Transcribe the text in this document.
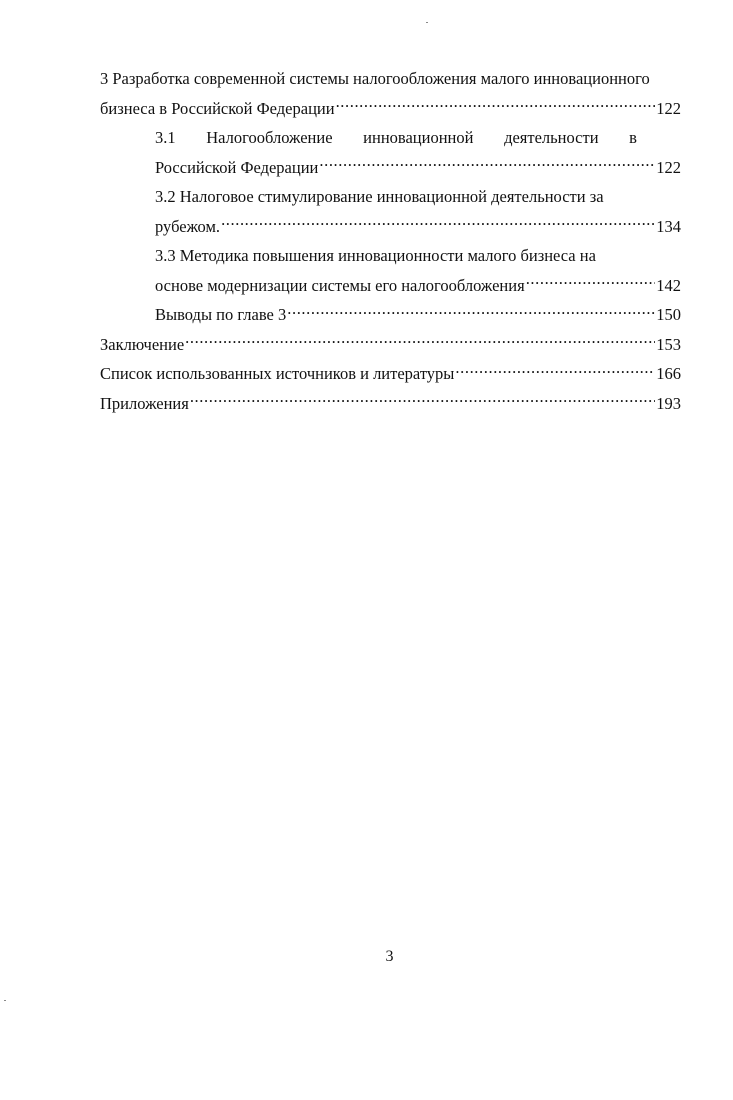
3 Разработка современной системы налогообложения малого инновационного
бизнеса в Российской Федерации .....	122
3.1 Налогообложение инновационной деятельности в
Российской Федерации .....	122
3.2 Налоговое стимулирование инновационной деятельности за
рубежом. .....	134
3.3 Методика повышения инновационности малого бизнеса на
основе модернизации системы его налогообложения .....	142
Выводы по главе 3 .....	150
Заключение .....	153
Список использованных источников и литературы .....	166
Приложения .....	193
3
